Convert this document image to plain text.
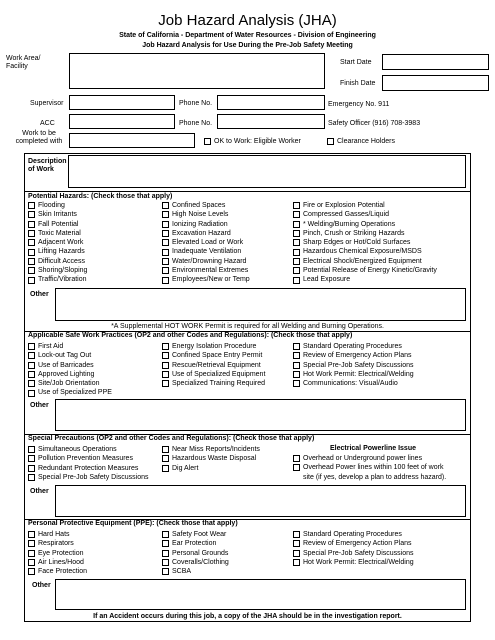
Job Hazard Analysis (JHA)
State of California - Department of Water Resources - Division of Engineering
Job Hazard Analysis for Use During the Pre-Job Safety Meeting
Work Area/ Facility
Start Date
Finish Date
Supervisor	Phone No.	Emergency No. 911
ACC	Phone No.	Safety Officer (916) 708-3983
Work to be completed with	OK to Work: Eligible Worker	Clearance Holders
Description of Work
Potential Hazards: (Check those that apply)
Flooding
Skin Irritants
Fall Potential
Toxic Material
Adjacent Work
Lifting Hazards
Difficult Access
Shoring/Sloping
Traffic/Vibration
Confined Spaces
High Noise Levels
Ionizing Radiation
Excavation Hazard
Elevated Load or Work
Inadequate Ventilation
Water/Drowning Hazard
Environmental Extremes
Employees/New or Temp
Fire or Explosion Potential
Compressed Gasses/Liquid
* Welding/Burning Operations
Pinch, Crush or Striking Hazards
Sharp Edges or Hot/Cold Surfaces
Hazardous Chemical Exposure/MSDS
Electrical Shock/Energized Equipment
Potential Release of Energy Kinetic/Gravity
Lead Exposure
Other
*A Supplemental HOT WORK Permit is required for all Welding and Burning Operations.
Applicable Safe Work Practices (OP2 and other Codes and Regulations): (Check those that apply)
First Aid
Lock-out Tag Out
Use of Barricades
Approved Lighting
Site/Job Orientation
Use of Specialized PPE
Energy Isolation Procedure
Confined Space Entry Permit
Rescue/Retrieval Equipment
Use of Specialized Equipment
Specialized Training Required
Standard Operating Procedures
Review of Emergency Action Plans
Special Pre-Job Safety Discussions
Hot Work Permit: Electrical/Welding
Communications: Visual/Audio
Other
Special Precautions (OP2 and other Codes and Regulations): (Check those that apply)
Simultaneous Operations
Pollution Prevention Measures
Redundant Protection Measures
Special Pre-Job Safety Discussions
Near Miss Reports/Incidents
Hazardous Waste Disposal
Dig Alert
Electrical Powerline Issue
Overhead or Underground power lines
Overhead Power lines within 100 feet of work
site (if yes, develop a plan to address hazard).
Other
Personal Protective Equipment (PPE): (Check those that apply)
Hard Hats
Respirators
Eye Protection
Air Lines/Hood
Face Protection
Safety Foot Wear
Ear Protection
Personal Grounds
Coveralls/Clothing
SCBA
Standard Operating Procedures
Review of Emergency Action Plans
Special Pre-Job Safety Discussions
Hot Work Permit: Electrical/Welding
Other
If an Accident occurs during this job, a copy of the JHA should be in the investigation report.
